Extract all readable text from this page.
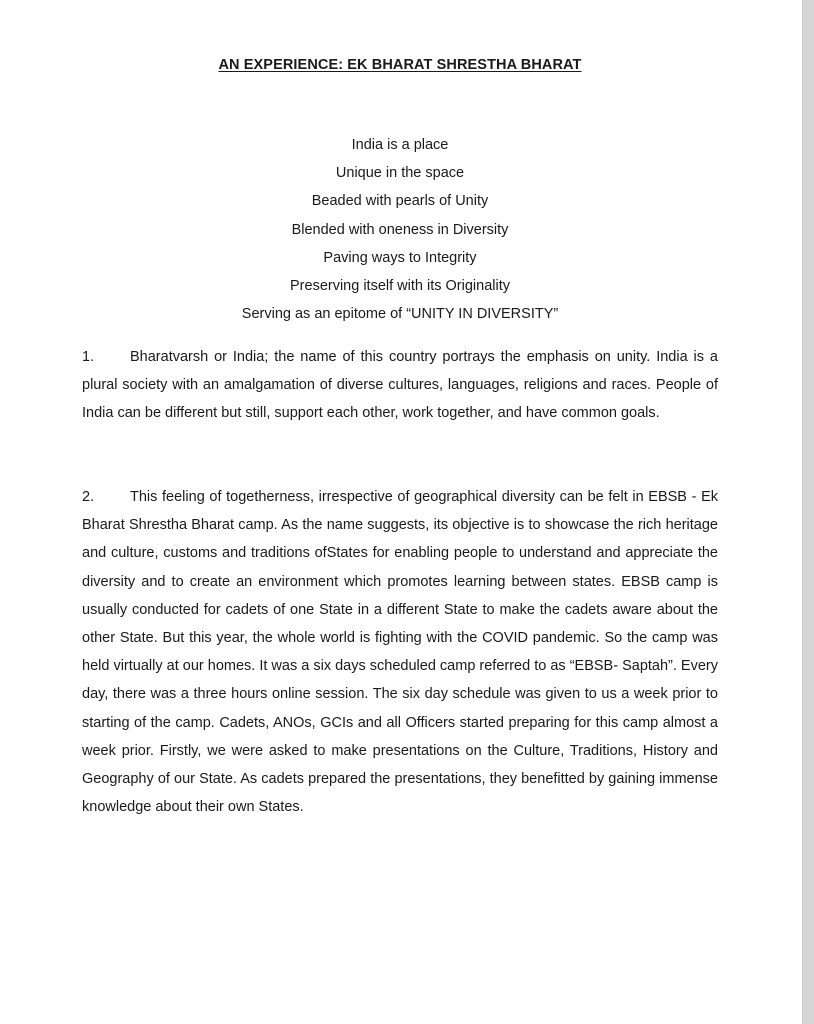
AN EXPERIENCE: EK BHARAT SHRESTHA BHARAT
India is a place
Unique in the space
Beaded with pearls of Unity
Blended with oneness in Diversity
Paving ways to Integrity
Preserving itself with its Originality
Serving as an epitome of “UNITY IN DIVERSITY”

1. Bharatvarsh or India; the name of this country portrays the emphasis on unity. India is a plural society with an amalgamation of diverse cultures, languages, religions and races. People of India can be different but still, support each other, work together, and have common goals.

2. This feeling of togetherness, irrespective of geographical diversity can be felt in EBSB - Ek Bharat Shrestha Bharat camp. As the name suggests, its objective is to showcase the rich heritage and culture, customs and traditions ofStates for enabling people to understand and appreciate the diversity and to create an environment which promotes learning between states. EBSB camp is usually conducted for cadets of one State in a different State to make the cadets aware about the other State. But this year, the whole world is fighting with the COVID pandemic. So the camp was held virtually at our homes. It was a six days scheduled camp referred to as “EBSB- Saptah”. Every day, there was a three hours online session. The six day schedule was given to us a week prior to starting of the camp. Cadets, ANOs, GCIs and all Officers started preparing for this camp almost a week prior. Firstly, we were asked to make presentations on the Culture, Traditions, History and Geography of our State. As cadets prepared the presentations, they benefitted by gaining immense knowledge about their own States.
